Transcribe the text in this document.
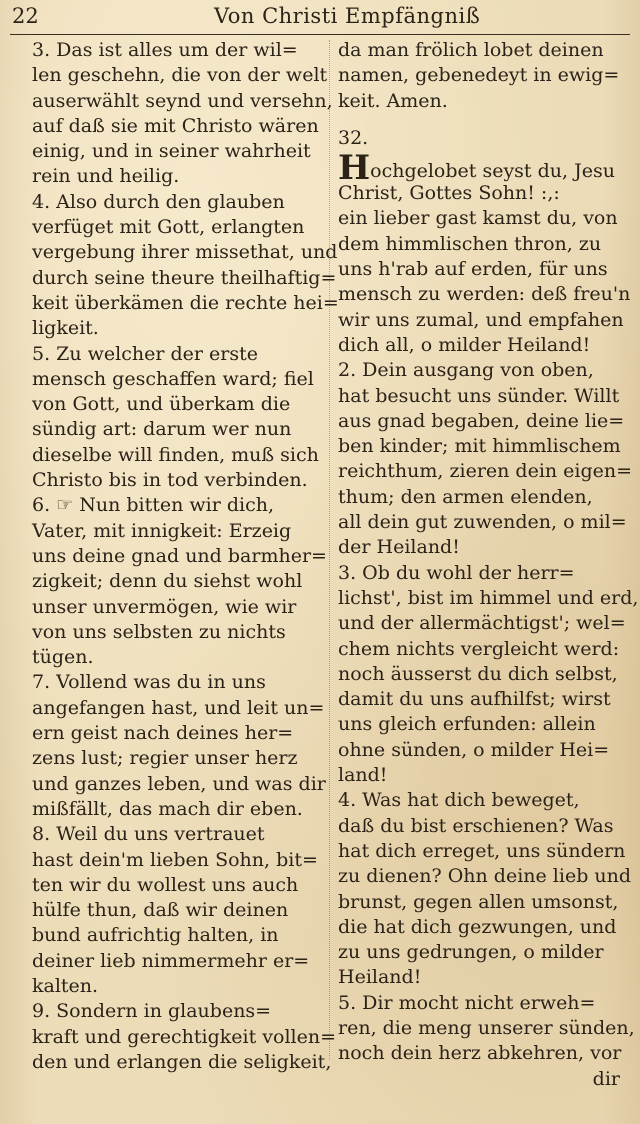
22	Von Christi Empfängniß
3. Das ist alles um der wil=
len geschehn, die von der welt
auserwählt seynd und versehn,
auf daß sie mit Christo wären
einig, und in seiner wahrheit
rein und heilig.
4. Also durch den glauben
verfüget mit Gott, erlangten
vergebung ihrer missethat, und
durch seine theure theilhaftig=
keit überkämen die rechte hei=
ligkeit.
5. Zu welcher der erste
mensch geschaffen ward; fiel
von Gott, und überkam die
sündig art: darum wer nun
dieselbe will finden, muß sich
Christo bis in tod verbinden.
6. ☞ Nun bitten wir dich,
Vater, mit innigkeit: Erzeig
uns deine gnad und barmher=
zigkeit; denn du siehst wohl
unser unvermögen, wie wir
von uns selbsten zu nichts
tügen.
7. Vollend was du in uns
angefangen hast, und leit un=
ern geist nach deines her=
zens lust; regier unser herz
und ganzes leben, und was dir
mißfällt, das mach dir eben.
8. Weil du uns vertrauet
hast dein'm lieben Sohn, bit=
ten wir du wollest uns auch
hülfe thun, daß wir deinen
bund aufrichtig halten, in
deiner lieb nimmermehr er=
kalten.
9. Sondern in glaubens=
kraft und gerechtigkeit vollen=
den und erlangen die seligkeit,
da man frölich lobet deinen
namen, gebenedeyt in ewig=
keit. Amen.
32.
Hochgelobet seyst du, Jesu
Christ, Gottes Sohn! :,:
ein lieber gast kamst du, von
dem himmlischen thron, zu
uns h'rab auf erden, für uns
mensch zu werden: deß freu'n
wir uns zumal, und empfahen
dich all, o milder Heiland!
2. Dein ausgang von oben,
hat besucht uns sünder. Willt
aus gnad begaben, deine lie=
ben kinder; mit himmlischem
reichthum, zieren dein eigen=
thum; den armen elenden,
all dein gut zuwenden, o mil=
der Heiland!
3. Ob du wohl der herr=
lichst', bist im himmel und erd,
und der allermächtigst'; wel=
chem nichts vergleicht werd:
noch äusserst du dich selbst,
damit du uns aufhilfst; wirst
uns gleich erfunden: allein
ohne sünden, o milder Hei=
land!
4. Was hat dich beweget,
daß du bist erschienen? Was
hat dich erreget, uns sündern
zu dienen? Ohn deine lieb und
brunst, gegen allen umsonst,
die hat dich gezwungen, und
zu uns gedrungen, o milder
Heiland!
5. Dir mocht nicht erweh=
ren, die meng unserer sünden,
noch dein herz abkehren, vor
dir
